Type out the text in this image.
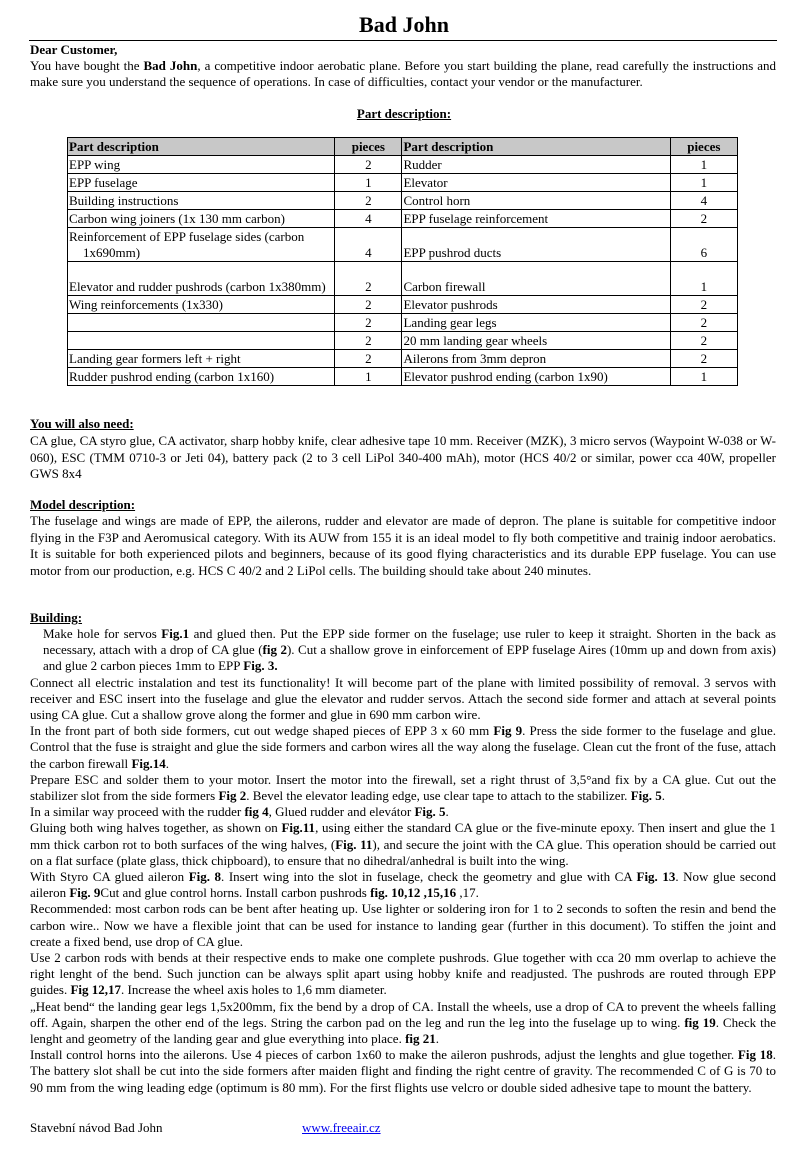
Bad John
Dear Customer,
You have bought the Bad John, a competitive indoor aerobatic plane. Before you start building the plane, read carefully the instructions and make sure you understand the sequence of operations. In case of difficulties, contact your vendor or the manufacturer.
Part description:
Part description	pieces	Part description	pieces
EPP wing	2	Rudder	1
EPP fuselage	1	Elevator	1
Building instructions	2	Control horn	4
Carbon wing joiners (1x 130 mm carbon)	4	EPP fuselage reinforcement	2

Reinforcement of EPP fuselage sides (carbon 1x690mm)	4	EPP pushrod ducts	6

Elevator and rudder pushrods (carbon 1x380mm)	2	Carbon firewall	1
Wing reinforcements (1x330)	2	Elevator pushrods	2
	2	Landing gear legs	2
	2	20 mm landing gear wheels	2
Landing gear formers left + right	2	Ailerons from 3mm depron	2
Rudder pushrod ending (carbon 1x160)	1	Elevator pushrod ending (carbon 1x90)	1
You will also need:
CA glue, CA styro glue, CA activator, sharp hobby knife, clear adhesive tape 10 mm. Receiver (MZK), 3 micro servos (Waypoint W-038 or W-060), ESC (TMM 0710-3 or Jeti 04), battery pack (2 to 3 cell LiPol 340-400 mAh), motor (HCS 40/2 or similar, power cca 40W, propeller GWS 8x4
Model description:
The fuselage and wings are made of EPP, the ailerons, rudder and elevator are made of depron. The plane is suitable for competitive indoor flying in the F3P and Aeromusical category. With its AUW from 155 it is an ideal model to fly both competitive and trainig indoor aerobatics. It is suitable for both experienced pilots and beginners, because of its good flying characteristics and its durable EPP fuselage. You can use motor from our production, e.g. HCS C 40/2 and 2 LiPol cells. The building should take about 240 minutes.
Building:

Make hole for servos Fig.1 and glued then. Put the EPP side former on the fuselage; use ruler to keep it straight. Shorten in the back as necessary, attach with a drop of CA glue (fig 2). Cut a shallow grove in einforcement of EPP fuselage Aires (10mm up and down from axis) and glue 2 carbon pieces 1mm to EPP Fig. 3.

Connect all electric instalation and test its functionality! It will become part of the plane with limited possibility of removal. 3 servos with receiver and ESC insert into the fuselage and glue the elevator and rudder servos. Attach the second side former and attach at several points using CA glue. Cut a shallow grove along the former and glue in 690 mm carbon wire.

In the front part of both side formers, cut out wedge shaped pieces of EPP 3 x 60 mm Fig 9. Press the side former to the fuselage and glue. Control that the fuse is straight and glue the side formers and carbon wires all the way along the fuselage. Clean cut the front of the fuse, attach the carbon firewall Fig.14.

Prepare ESC and solder them to your motor. Insert the motor into the firewall, set a right thrust of 3,5°and fix by a CA glue. Cut out the stabilizer slot from the side formers Fig 2. Bevel the elevator leading edge, use clear tape to attach to the stabilizer. Fig. 5.

In a similar way proceed with the rudder fig 4, Glued rudder and elevátor Fig. 5.

Gluing both wing halves together, as shown on Fig.11, using either the standard CA glue or the five-minute epoxy. Then insert and glue the 1 mm thick carbon rot to both surfaces of the wing halves, (Fig. 11), and secure the joint with the CA glue. This operation should be carried out on a flat surface (plate glass, thick chipboard), to ensure that no dihedral/anhedral is built into the wing.

With Styro CA glued aileron Fig. 8. Insert wing into the slot in fuselage, check the geometry and glue with CA Fig. 13. Now glue second aileron Fig. 9Cut and glue control horns. Install carbon pushrods fig. 10,12 ,15,16 ,17.

Recommended: most carbon rods can be bent after heating up. Use lighter or soldering iron for 1 to 2 seconds to soften the resin and bend the carbon wire.. Now we have a flexible joint that can be used for instance to landing gear (further in this document). To stiffen the joint and create a fixed bend, use drop of CA glue.

Use 2 carbon rods with bends at their respective ends to make one complete pushrods. Glue together with cca 20 mm overlap to achieve the right lenght of the bend. Such junction can be always split apart using hobby knife and readjusted. The pushrods are routed through EPP guides. Fig 12,17. Increase the wheel axis holes to 1,6 mm diameter.

„Heat bend“ the landing gear legs 1,5x200mm, fix the bend by a drop of CA. Install the wheels, use a drop of CA to prevent the wheels falling off. Again, sharpen the other end of the legs. String the carbon pad on the leg and run the leg into the fuselage up to wing. fig 19. Check the lenght and geometry of the landing gear and glue everything into place. fig 21.

Install control horns into the ailerons. Use 4 pieces of carbon 1x60 to make the aileron pushrods, adjust the lenghts and glue together. Fig 18. The battery slot shall be cut into the side formers after maiden flight and finding the right centre of gravity. The recommended C of G is 70 to 90 mm from the wing leading edge (optimum is 80 mm). For the first flights use velcro or double sided adhesive tape to mount the battery.

Stavební návod Bad John	www.freeair.cz
